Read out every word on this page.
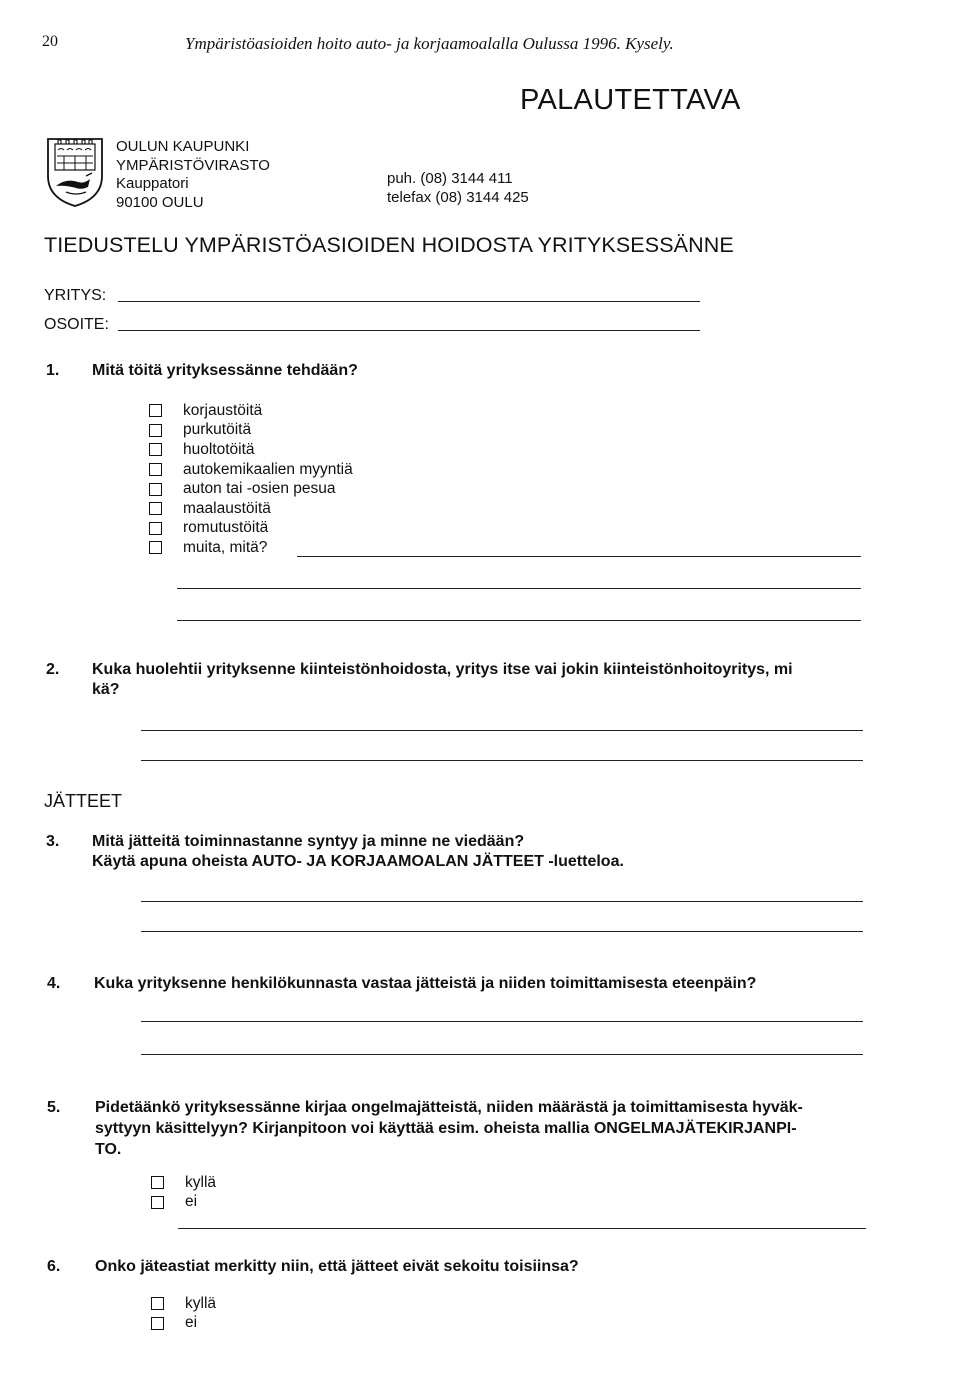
20	Ympäristöasioiden hoito auto- ja korjaamoalalla Oulussa 1996. Kysely.
PALAUTETTAVA
OULUN KAUPUNKI
YMPÄRISTÖVIRASTO
Kauppatori
90100 OULU
puh. (08) 3144 411
telefax (08) 3144 425
TIEDUSTELU YMPÄRISTÖASIOIDEN HOIDOSTA YRITYKSESSÄNNE
YRITYS:
OSOITE:
1. Mitä töitä yrityksessänne tehdään?
korjaustöitä
purkutöitä
huoltotöitä
autokemikaalien myyntiä
auton tai -osien pesua
maalaustöitä
romutustöitä
muita, mitä?
2. Kuka huolehtii yrityksenne kiinteistönhoidosta, yritys itse vai jokin kiinteistönhoitoyritys, mi
kä?
JÄTTEET
3. Mitä jätteitä toiminnastanne syntyy ja minne ne viedään?
Käytä apuna oheista AUTO- JA KORJAAMOALAN JÄTTEET -luetteloa.
4. Kuka yrityksenne henkilökunnasta vastaa jätteistä ja niiden toimittamisesta eteenpäin?
5. Pidetäänkö yrityksessänne kirjaa ongelmajätteistä, niiden määrästä ja toimittamisesta hyväk-
syttyyn käsittelyyn? Kirjanpitoon voi käyttää esim. oheista mallia ONGELMAJÄTEKIRJANPI-
TO.
kyllä
ei
6. Onko jäteastiat merkitty niin, että jätteet eivät sekoitu toisiinsa?
kyllä
ei
